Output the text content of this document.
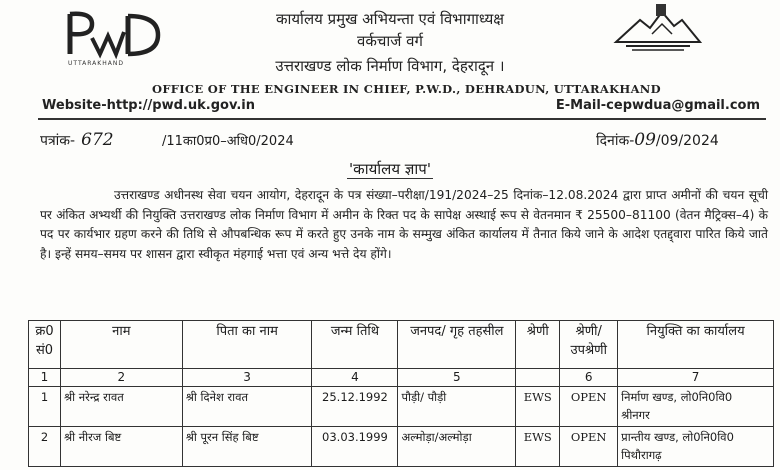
UTTARAKHAND
कार्यालय प्रमुख अभियन्ता एवं विभागाध्यक्ष
वर्कचार्ज वर्ग
उत्तराखण्ड लोक निर्माण विभाग, देहरादून ।
OFFICE OF THE ENGINEER IN CHIEF, P.W.D., DEHRADUN, UTTARAKHAND
Website-http://pwd.uk.gov.in	E-Mail-cepwdua@gmail.com
पत्रांक- 672	/11का0प्र0–अधि0/2024	दिनांक-09/09/2024
'कार्यालय ज्ञाप'

उत्तराखण्ड अधीनस्थ सेवा चयन आयोग, देहरादून के पत्र संख्या–परीक्षा/191/2024–25 दिनांक–12.08.2024 द्वारा प्राप्त अमीनों की चयन सूची पर अंकित अभ्यर्थी की नियुक्ति उत्तराखण्ड लोक निर्माण विभाग में अमीन के रिक्त पद के सापेक्ष अस्थाई रूप से वेतनमान ₹ 25500–81100 (वेतन मैट्रिक्स–4) के पद पर कार्यभार ग्रहण करने की तिथि से औपबन्धिक रूप में करते हुए उनके नाम के सम्मुख अंकित कार्यालय में तैनात किये जाने के आदेश एतद्द्वारा पारित किये जाते है। इन्हें समय–समय पर शासन द्वारा स्वीकृत मंहगाई भत्ता एवं अन्य भत्ते देय होंगे।

क्र0 सं0	नाम	पिता का नाम	जन्म तिथि	जनपद/ गृह तहसील	श्रेणी	श्रेणी/ उपश्रेणी	नियुक्ति का कार्यालय
1	2	3	4	5		6	7
1	श्री नरेन्द्र रावत	श्री दिनेश रावत	25.12.1992	पौड़ी/ पौड़ी	EWS	OPEN	निर्माण खण्ड, लो0नि0वि0
श्रीनगर

2	श्री नीरज बिष्ट	श्री पूरन सिंह बिष्ट	03.03.1999	अल्मोड़ा/अल्मोड़ा	EWS	OPEN	प्रान्तीय खण्ड, लो0नि0वि0
पिथौरागढ़
